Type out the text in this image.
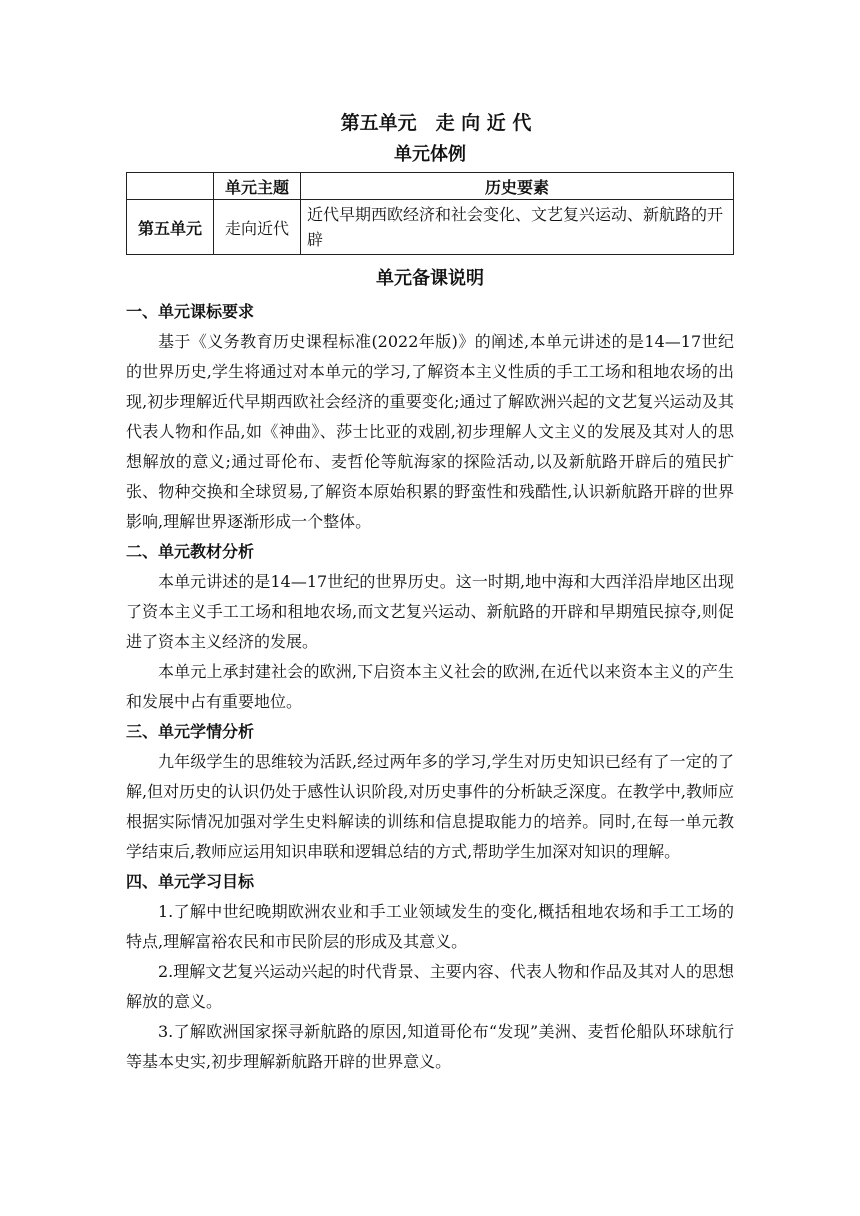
第五单元　走 向 近 代
单元体例
	单元主题	历史要素
第五单元	走向近代	近代早期西欧经济和社会变化、文艺复兴运动、新航路的开辟
单元备课说明
一、单元课标要求

基于《义务教育历史课程标准(2022年版)》的阐述,本单元讲述的是14—17世纪的世界历史,学生将通过对本单元的学习,了解资本主义性质的手工工场和租地农场的出现,初步理解近代早期西欧社会经济的重要变化;通过了解欧洲兴起的文艺复兴运动及其代表人物和作品,如《神曲》、莎士比亚的戏剧,初步理解人文主义的发展及其对人的思想解放的意义;通过哥伦布、麦哲伦等航海家的探险活动,以及新航路开辟后的殖民扩张、物种交换和全球贸易,了解资本原始积累的野蛮性和残酷性,认识新航路开辟的世界影响,理解世界逐渐形成一个整体。

二、单元教材分析

本单元讲述的是14—17世纪的世界历史。这一时期,地中海和大西洋沿岸地区出现了资本主义手工工场和租地农场,而文艺复兴运动、新航路的开辟和早期殖民掠夺,则促进了资本主义经济的发展。

本单元上承封建社会的欧洲,下启资本主义社会的欧洲,在近代以来资本主义的产生和发展中占有重要地位。

三、单元学情分析

九年级学生的思维较为活跃,经过两年多的学习,学生对历史知识已经有了一定的了解,但对历史的认识仍处于感性认识阶段,对历史事件的分析缺乏深度。在教学中,教师应根据实际情况加强对学生史料解读的训练和信息提取能力的培养。同时,在每一单元教学结束后,教师应运用知识串联和逻辑总结的方式,帮助学生加深对知识的理解。

四、单元学习目标

1.了解中世纪晚期欧洲农业和手工业领域发生的变化,概括租地农场和手工工场的特点,理解富裕农民和市民阶层的形成及其意义。

2.理解文艺复兴运动兴起的时代背景、主要内容、代表人物和作品及其对人的思想解放的意义。

3.了解欧洲国家探寻新航路的原因,知道哥伦布“发现”美洲、麦哲伦船队环球航行等基本史实,初步理解新航路开辟的世界意义。
